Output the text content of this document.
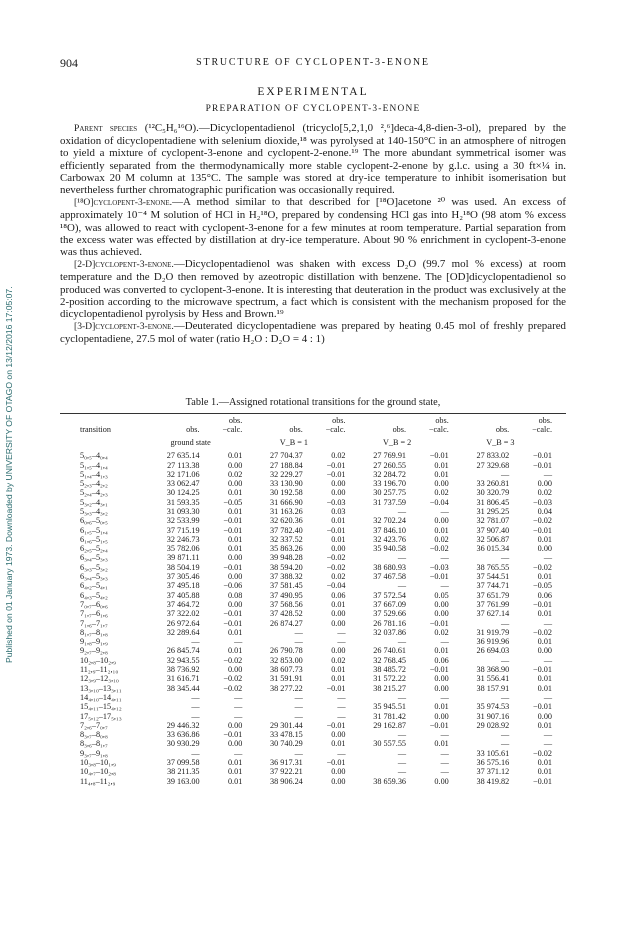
Published on 01 January 1973. Downloaded by UNIVERSITY OF OTAGO on 13/12/2016 17:05:07.
904	STRUCTURE OF CYCLOPENT-3-ENONE
EXPERIMENTAL
PREPARATION OF CYCLOPENT-3-ENONE

Parent species (¹²C₅H₆¹⁶O).—Dicyclopentadienol (tricyclo[5,2,1,0 ²,⁶]deca-4,8-dien-3-ol), prepared by the oxidation of dicyclopentadiene with selenium dioxide,¹⁸ was pyrolysed at 140-150°C in an atmosphere of nitrogen to yield a mixture of cyclopent-3-enone and cyclopent-2-enone.¹⁹ The more abundant symmetrical isomer was efficiently separated from the thermodynamically more stable cyclopent-2-enone by g.l.c. using a 30 ft×¼ in. Carbowax 20 M column at 135°C. The sample was stored at dry-ice temperature to inhibit isomerisation but nevertheless further chromatographic purification was occasionally required.

[¹⁸O]cyclopent-3-enone.—A method similar to that described for [¹⁸O]acetone ²⁰ was used. An excess of approximately 10⁻⁴ M solution of HCl in H₂¹⁸O, prepared by condensing HCl gas into H₂¹⁸O (98 atom % excess ¹⁸O), was allowed to react with cyclopent-3-enone for a few minutes at room temperature. Partial separation from the excess water was effected by distillation at dry-ice temperature. About 90 % enrichment in cyclopent-3-enone was thus achieved.

[2-D]cyclopent-3-enone.—Dicyclopentadienol was shaken with excess D₂O (99.7 mol % excess) at room temperature and the D₂O then removed by azeotropic distillation with benzene. The [OD]dicyclopentadienol so produced was converted to cyclopent-3-enone. It is interesting that deuteration in the product was exclusively at the 2-position according to the microwave spectrum, a fact which is consistent with the mechanism proposed for the dicyclopentadienol pyrolysis by Hess and Brown.¹⁹

[3-D]cyclopent-3-enone.—Deuterated dicyclopentadiene was prepared by heating 0.45 mol of freshly prepared cyclopentadiene, 27.5 mol of water (ratio H₂O : D₂O = 4 : 1)

Table 1.—Assigned rotational transitions for the ground state,
		obs.		obs.		obs.		obs.
transition	obs.	−calc.	obs.	−calc.	obs.	−calc.	obs.	−calc.
	ground state		V_B = 1		V_B = 2		V_B = 3	
5₀,₅–4₀,₄	27 635.14	0.01	27 704.37	0.02	27 769.91	−0.01	27 833.02	−0.01
5₁,₅–4₁,₄	27 113.38	0.00	27 188.84	−0.01	27 260.55	0.01	27 329.68	−0.01
5₁,₄–4₁,₃	32 171.06	0.02	32 229.27	−0.01	32 284.72	0.01	—	—
5₂,₃–4₂,₂	33 062.47	0.00	33 130.90	0.00	33 196.70	0.00	33 260.81	0.00
5₂,₄–4₂,₃	30 124.25	0.01	30 192.58	0.00	30 257.75	0.02	30 320.79	0.02
5₃,₂–4₃,₁	31 593.35	−0.05	31 666.90	−0.03	31 737.59	−0.04	31 806.45	−0.03
5₃,₃–4₃,₂	31 093.30	0.01	31 163.26	0.03	—	—	31 295.25	0.04
6₀,₆–5₀,₅	32 533.99	−0.01	32 620.36	0.01	32 702.24	0.00	32 781.07	−0.02
6₁,₅–5₁,₄	37 715.19	−0.01	37 782.40	−0.01	37 846.10	0.01	37 907.40	−0.01
6₁,₆–5₁,₅	32 246.73	0.01	32 337.52	0.01	32 423.76	0.02	32 506.87	0.01
6₂,₅–5₂,₄	35 782.06	0.01	35 863.26	0.00	35 940.58	−0.02	36 015.34	0.00
6₃,₄–5₃,₃	39 871.11	0.00	39 948.28	−0.02	—	—	—	—
6₃,₃–5₃,₂	38 504.19	−0.01	38 594.20	−0.02	38 680.93	−0.03	38 765.55	−0.02
6₃,₄–5₃,₃	37 305.46	0.00	37 388.32	0.02	37 467.58	−0.01	37 544.51	0.01
6₄,₂–5₄,₁	37 495.18	−0.06	37 581.45	−0.04	—	—	37 744.71	−0.05
6₄,₃–5₄,₂	37 405.88	0.08	37 490.95	0.06	37 572.54	0.05	37 651.79	0.06
7₀,₇–6₀,₆	37 464.72	0.00	37 568.56	0.01	37 667.09	0.00	37 761.99	−0.01
7₁,₇–6₁,₆	37 322.02	−0.01	37 428.52	0.00	37 529.66	0.00	37 627.14	0.01
7₁,₆–7₁,₇	26 972.64	−0.01	26 874.27	0.00	26 781.16	−0.01	—	—
8₁,₇–8₁,₈	32 289.64	0.01	—	—	32 037.86	0.02	31 919.79	−0.02
9₁,₈–9₁,₉	—	—	—	—	—	—	36 919.96	0.01
9₂,₇–9₂,₈	26 845.74	0.01	26 790.78	0.00	26 740.61	0.01	26 694.03	0.00
10₂,₈–10₂,₉	32 943.55	−0.02	32 853.00	0.02	32 768.45	0.06	—	—
11₂,₉–11₂,₁₀	38 736.92	0.00	38 607.73	0.01	38 485.72	−0.01	38 368.90	−0.01
12₃,₉–12₃,₁₀	31 616.71	−0.02	31 591.91	0.01	31 572.22	0.00	31 556.41	0.01
13₃,₁₀–13₃,₁₁	38 345.44	−0.02	38 277.22	−0.01	38 215.27	0.00	38 157.91	0.01
14₄,₁₀–14₄,₁₁	—	—	—	—	—	—	—	—
15₄,₁₁–15₄,₁₂	—	—	—	—	35 945.51	0.01	35 974.53	−0.01
17₅,₁₂–17₅,₁₃	—	—	—	—	31 781.42	0.00	31 907.16	0.00
7₂,₆–7₀,₇	29 446.32	0.00	29 301.44	−0.01	29 162.87	−0.01	29 028.92	0.01
8₃,₇–8₀,₈	33 636.86	−0.01	33 478.15	0.00	—	—	—	—
8₃,₆–8₁,₇	30 930.29	0.00	30 740.29	0.01	30 557.55	0.01	—	—
9₃,₇–9₁,₈	—	—	—	—	—	—	33 105.61	−0.02
10₃,₈–10₁,₉	37 099.58	0.01	36 917.31	−0.01	—	—	36 575.16	0.01
10₄,₇–10₂,₈	38 211.35	0.01	37 922.21	0.00	—	—	37 371.12	0.01
11₄,₈–11₂,₉	39 163.00	0.01	38 906.24	0.00	38 659.36	0.00	38 419.82	−0.01
